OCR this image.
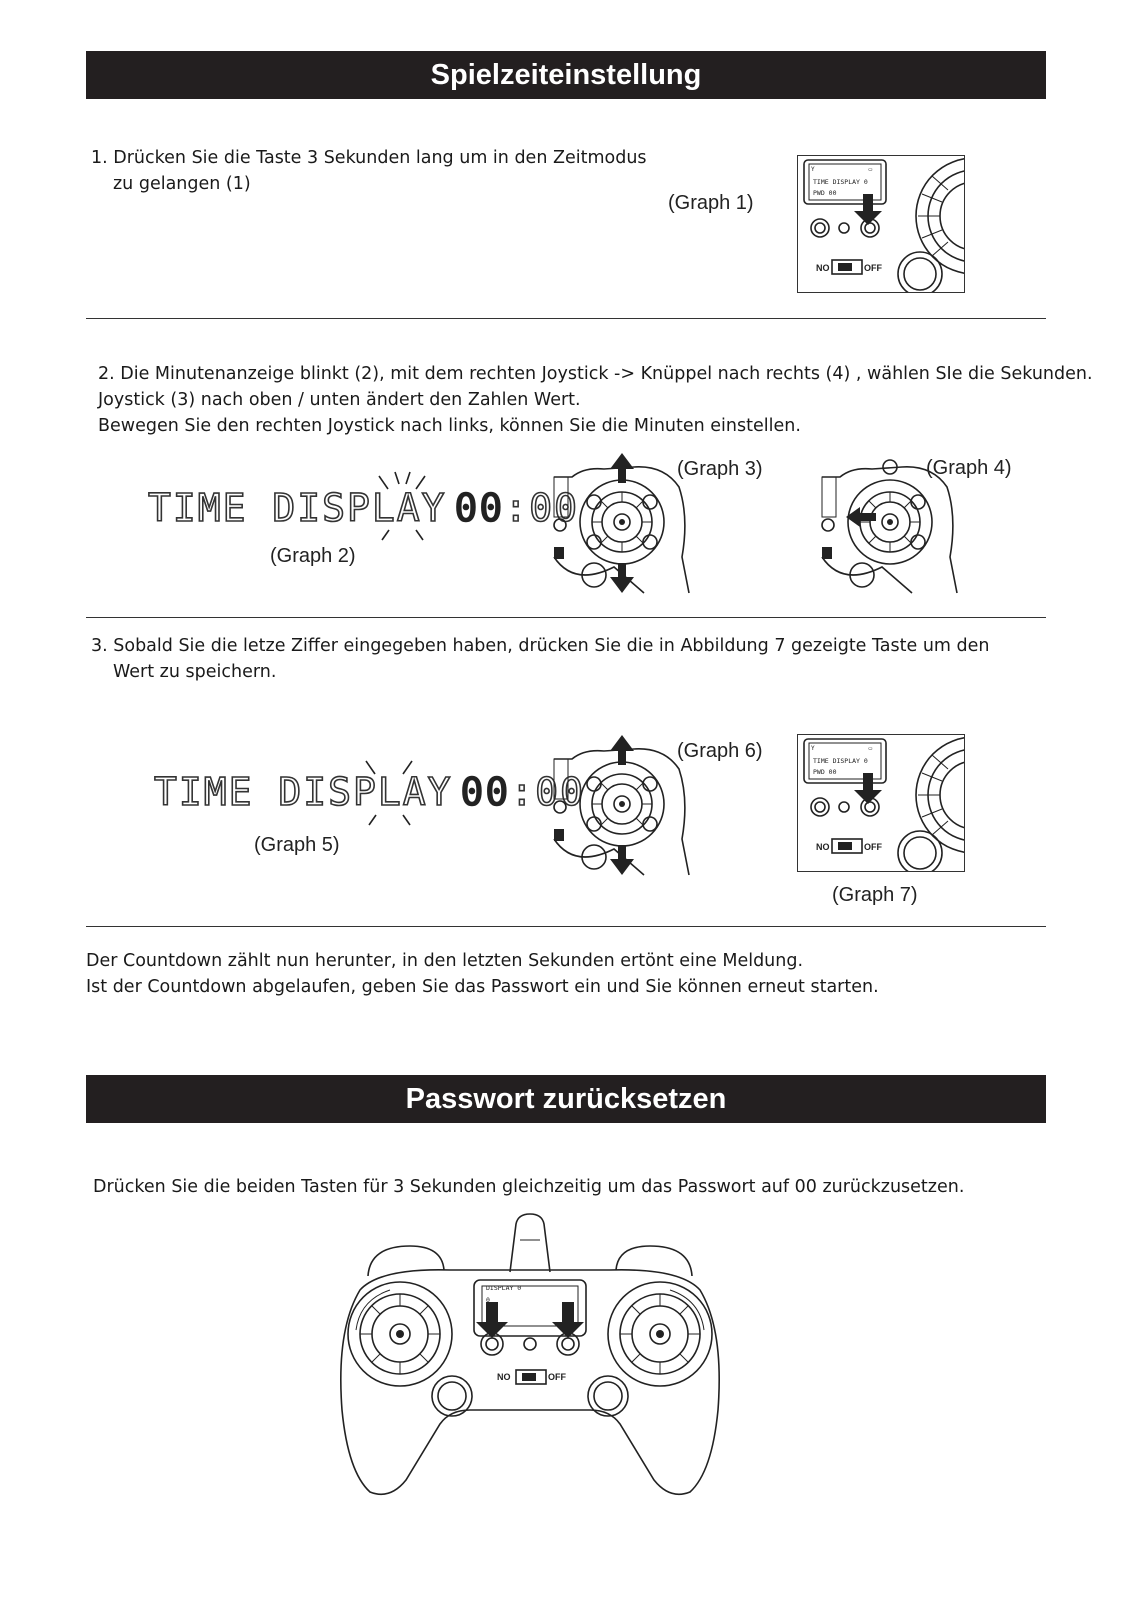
Spielzeiteinstellung
1. Drücken Sie die Taste 3 Sekunden lang um in den Zeitmodus
zu gelangen (1)
(Graph 1)
Y	▭
TIME DISPLAY 0
PWD 00
NO	OFF
2. Die Minutenanzeige blinkt (2), mit dem rechten Joystick -> Knüppel nach rechts (4) , wählen SIe die Sekunden.
Joystick (3) nach oben / unten ändert den Zahlen Wert.
Bewegen Sie den rechten Joystick nach links, können Sie die Minuten einstellen.
TIME DISPLAY 00:00
(Graph 2)
(Graph 3)	(Graph 4)
3. Sobald Sie die letze Ziffer eingegeben haben, drücken Sie die in Abbildung 7 gezeigte Taste um den
Wert zu speichern.
TIME DISPLAY 00:00
(Graph 5)
(Graph 6)	Y	▭
TIME DISPLAY 0
PWD 00
NO	OFF
(Graph 7)
Der Countdown zählt nun herunter, in den letzten Sekunden ertönt eine Meldung.
Ist der Countdown abgelaufen, geben Sie das Passwort ein und Sie können erneut starten.
Passwort zurücksetzen
Drücken Sie die beiden Tasten für 3 Sekunden gleichzeitig um das Passwort auf 00 zurückzusetzen.
DISPLAY 0
0
NO	OFF
